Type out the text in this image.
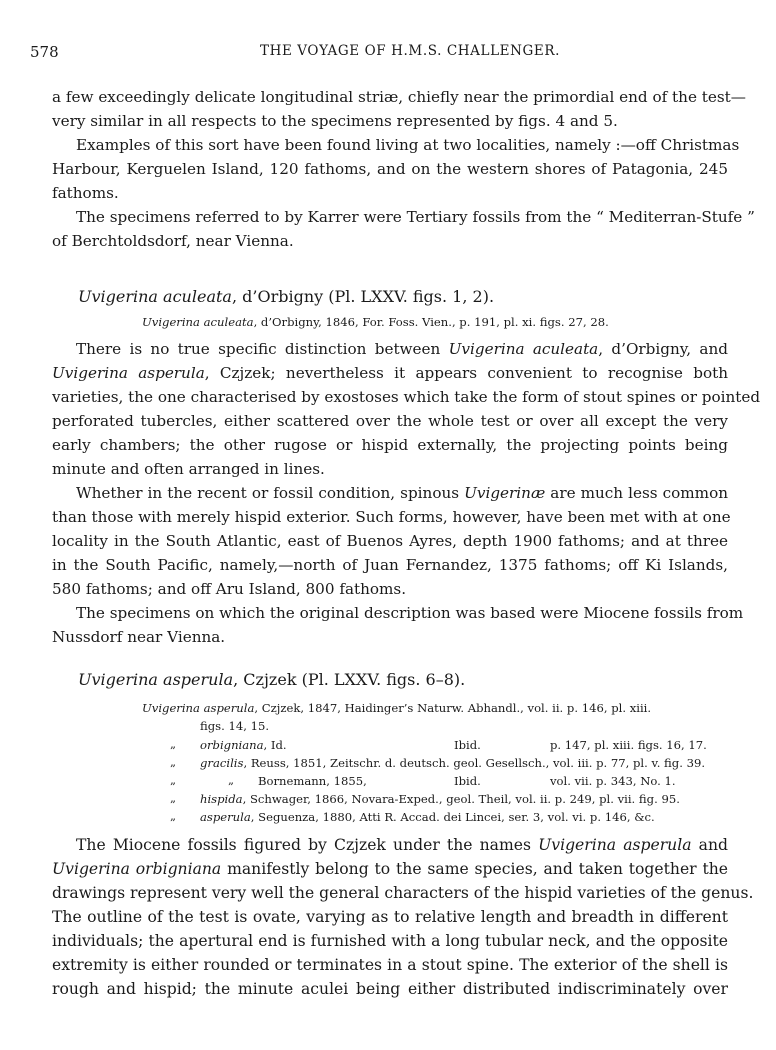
578	THE VOYAGE OF H.M.S. CHALLENGER.
a few exceedingly delicate longitudinal striæ, chiefly near the primordial end of the test—
very similar in all respects to the specimens represented by figs. 4 and 5.
Examples of this sort have been found living at two localities, namely :—off Christmas
Harbour, Kerguelen Island, 120 fathoms, and on the western shores of Patagonia, 245
fathoms.
The specimens referred to by Karrer were Tertiary fossils from the “ Mediterran-Stufe ”
of Berchtoldsdorf, near Vienna.
Uvigerina aculeata, d’Orbigny (Pl. LXXV. figs. 1, 2).
Uvigerina aculeata, d’Orbigny, 1846, For. Foss. Vien., p. 191, pl. xi. figs. 27, 28.
There is no true specific distinction between Uvigerina aculeata, d’Orbigny, and
Uvigerina asperula, Czjzek; nevertheless it appears convenient to recognise both
varieties, the one characterised by exostoses which take the form of stout spines or pointed
perforated tubercles, either scattered over the whole test or over all except the very
early chambers; the other rugose or hispid externally, the projecting points being
minute and often arranged in lines.
Whether in the recent or fossil condition, spinous Uvigerinæ are much less common
than those with merely hispid exterior. Such forms, however, have been met with at one
locality in the South Atlantic, east of Buenos Ayres, depth 1900 fathoms; and at three
in the South Pacific, namely,—north of Juan Fernandez, 1375 fathoms; off Ki Islands,
580 fathoms; and off Aru Island, 800 fathoms.
The specimens on which the original description was based were Miocene fossils from
Nussdorf near Vienna.
Uvigerina asperula, Czjzek (Pl. LXXV. figs. 6–8).
Uvigerina asperula, Czjzek, 1847, Haidinger’s Naturw. Abhandl., vol. ii. p. 146, pl. xiii.
figs. 14, 15.
„ orbigniana, Id.	Ibid.	p. 147, pl. xiii. figs. 16, 17.
„ gracilis, Reuss, 1851, Zeitschr. d. deutsch. geol. Gesellsch., vol. iii. p. 77, pl. v. fig. 39.
„	„ Bornemann, 1855,	Ibid.	vol. vii. p. 343, No. 1.
„ hispida, Schwager, 1866, Novara-Exped., geol. Theil, vol. ii. p. 249, pl. vii. fig. 95.
„ asperula, Seguenza, 1880, Atti R. Accad. dei Lincei, ser. 3, vol. vi. p. 146, &c.
The Miocene fossils figured by Czjzek under the names Uvigerina asperula and
Uvigerina orbigniana manifestly belong to the same species, and taken together the
drawings represent very well the general characters of the hispid varieties of the genus.
The outline of the test is ovate, varying as to relative length and breadth in different
individuals; the apertural end is furnished with a long tubular neck, and the opposite
extremity is either rounded or terminates in a stout spine. The exterior of the shell is
rough and hispid; the minute aculei being either distributed indiscriminately over
